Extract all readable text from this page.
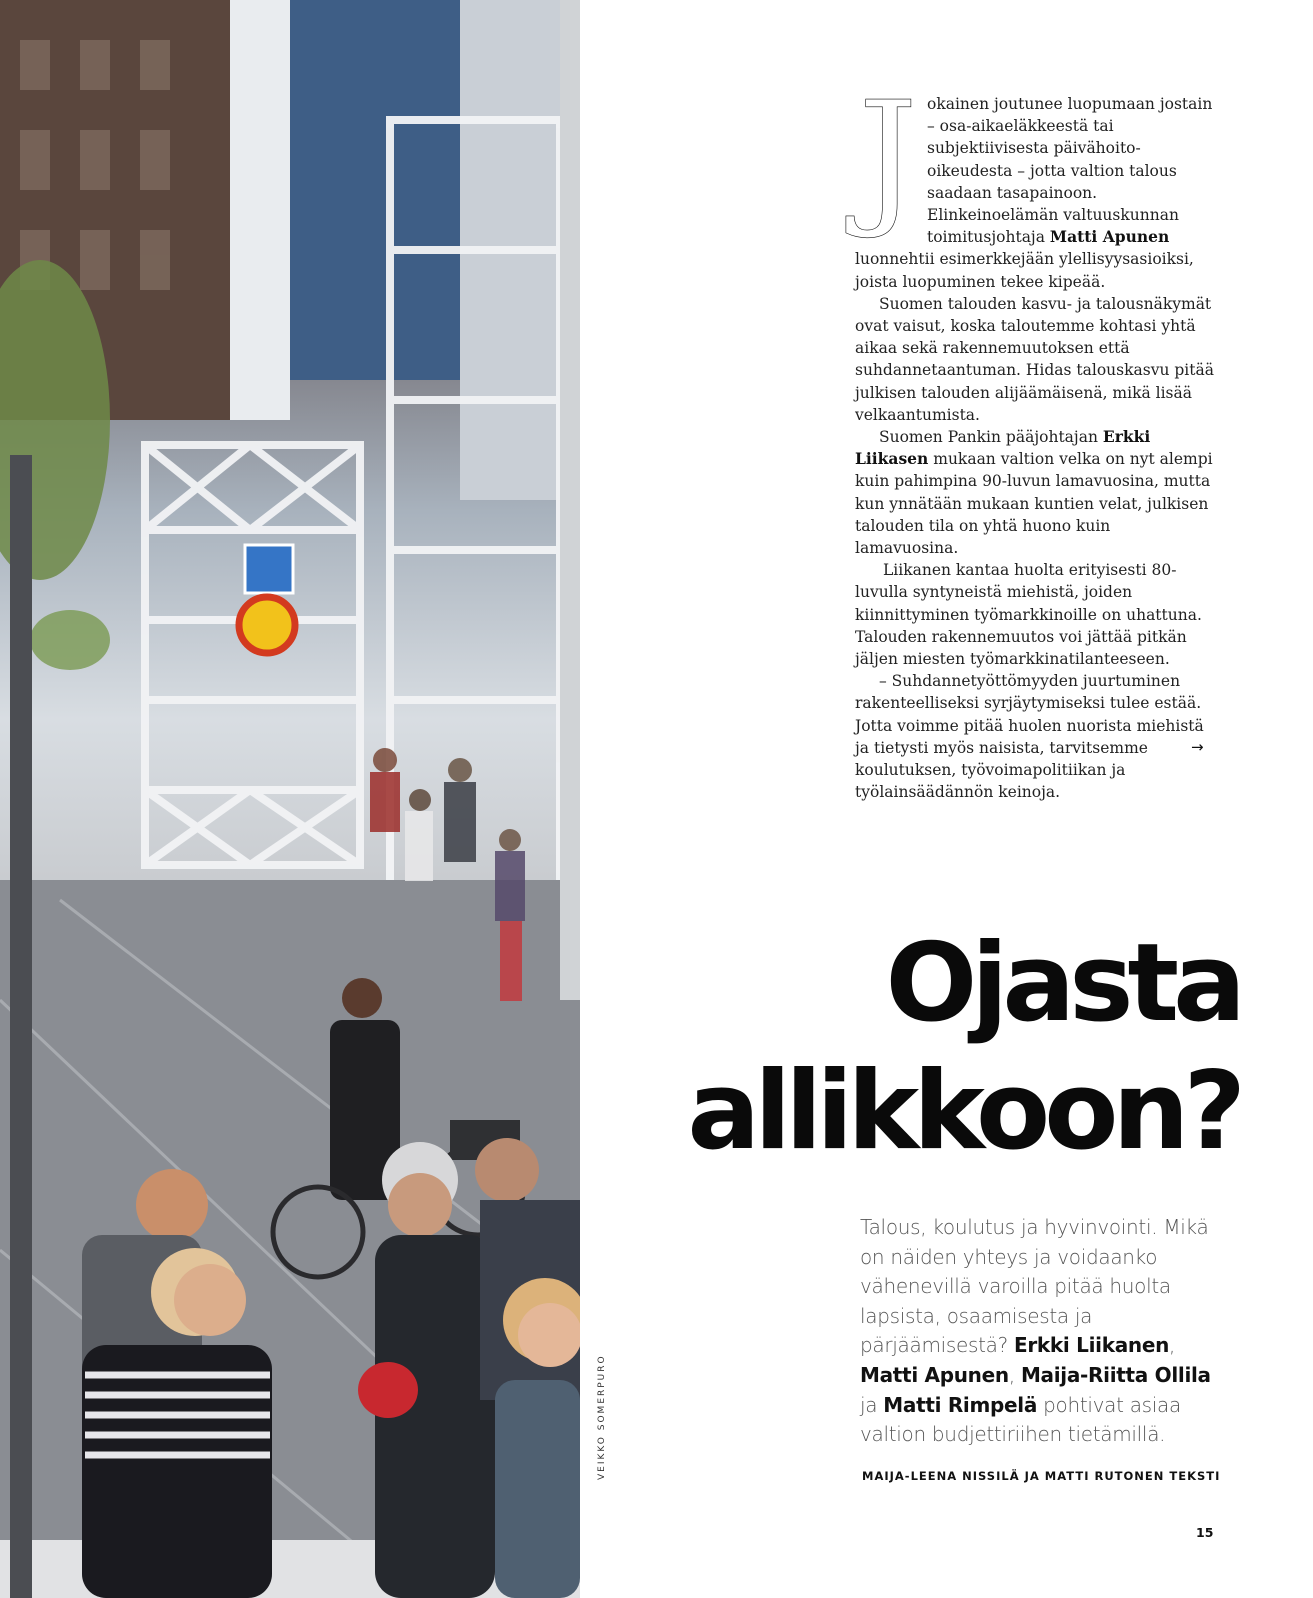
VEIKKO SOMERPURO
J okainen joutunee luopumaan jostain – osa-aikaeläkkeestä tai subjektiivisesta päivähoito-oikeudesta – jotta valtion talous saadaan tasapainoon. Elinkeinoelämän valtuuskunnan toimitusjohtaja Matti Apunen luonnehtii esimerkkejään ylellisyysasioiksi, joista luopuminen tekee kipeää.

Suomen talouden kasvu- ja talousnäkymät ovat vaisut, koska taloutemme kohtasi yhtä aikaa sekä rakennemuutoksen että suhdannetaantuman. Hidas talouskasvu pitää julkisen talouden alijäämäisenä, mikä lisää velkaantumista.

Suomen Pankin pääjohtajan Erkki Liikasen mukaan valtion velka on nyt alempi kuin pahimpina 90-luvun lamavuosina, mutta kun ynnätään mukaan kuntien velat, julkisen talouden tila on yhtä huono kuin lamavuosina.

Liikanen kantaa huolta erityisesti 80-luvulla syntyneistä miehistä, joiden kiinnittyminen työmarkkinoille on uhattuna. Talouden rakennemuutos voi jättää pitkän jäljen miesten työmarkkinatilanteeseen.

– Suhdannetyöttömyyden juurtuminen rakenteelliseksi syrjäytymiseksi tulee estää. Jotta voimme pitää huolen nuorista miehistä ja tietysti myös naisista, tarvitsemme koulutuksen, työvoimapolitiikan ja työlainsäädännön keinoja.

→
Ojasta
allikkoon?
Talous, koulutus ja hyvinvointi. Mikä on näiden yhteys ja voidaanko vähenevillä varoilla pitää huolta lapsista, osaamisesta ja pärjäämisestä? Erkki Liikanen, Matti Apunen, Maija-Riitta Ollila ja Matti Rimpelä pohtivat asiaa valtion budjettiriihen tietämillä.
MAIJA-LEENA NISSILÄ JA MATTI RUTONEN TEKSTI
15
